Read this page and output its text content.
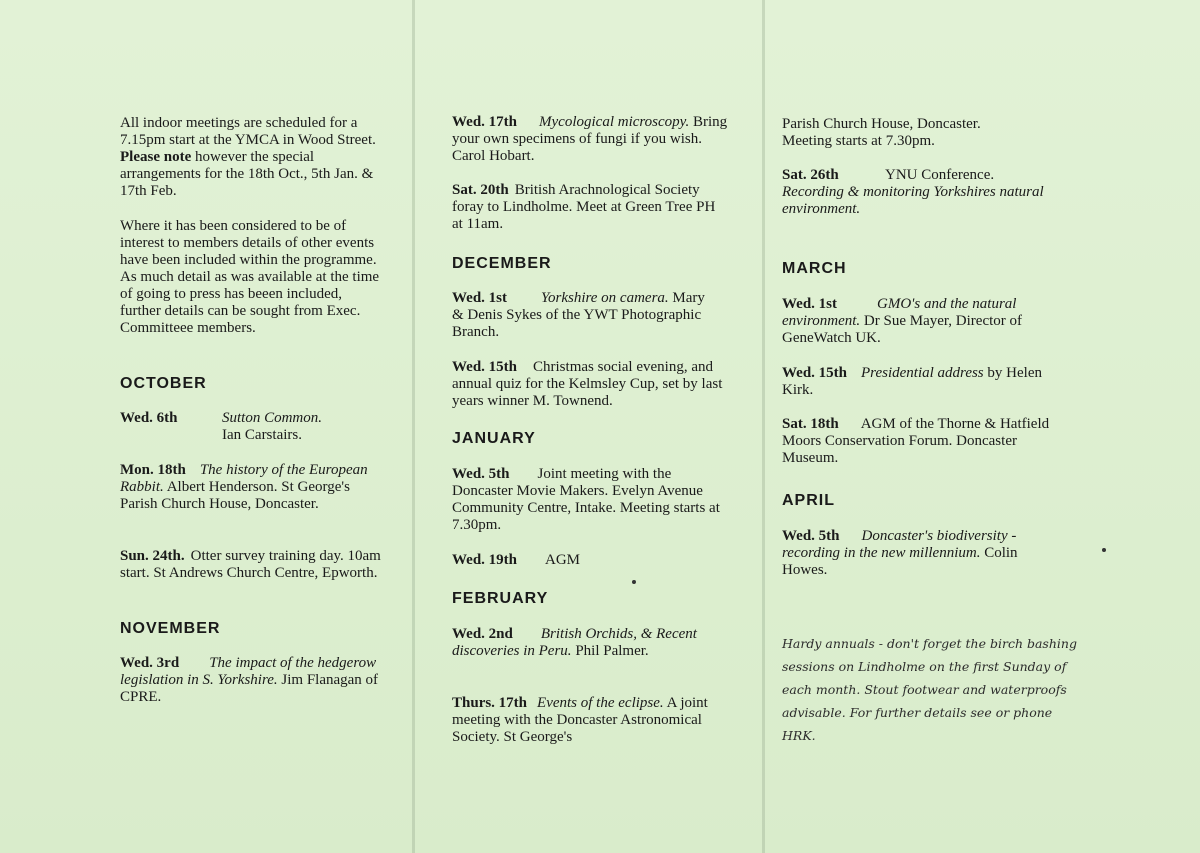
All indoor meetings are scheduled for a 7.15pm start at the YMCA in Wood Street. Please note however the special arrangements for the 18th Oct., 5th Jan. & 17th Feb.

Where it has been considered to be of interest to members details of other events have been included within the programme. As much detail as was available at the time of going to press has beeen included, further details can be sought from Exec. Committeee members.

OCTOBER

Wed. 6th	Sutton Common.
Ian Carstairs.

Mon. 18th The history of the European Rabbit. Albert Henderson. St George's Parish Church House, Doncaster.

Sun. 24th. Otter survey training day. 10am start. St Andrews Church Centre, Epworth.

NOVEMBER

Wed. 3rd The impact of the hedgerow legislation in S. Yorkshire. Jim Flanagan of CPRE.

Wed. 17th Mycological microscopy. Bring your own specimens of fungi if you wish. Carol Hobart.

Sat. 20th British Arachnological Society foray to Lindholme. Meet at Green Tree PH at 11am.

DECEMBER

Wed. 1st Yorkshire on camera. Mary & Denis Sykes of the YWT Photographic Branch.

Wed. 15th Christmas social evening, and annual quiz for the Kelmsley Cup, set by last years winner M. Townend.

JANUARY

Wed. 5th Joint meeting with the Doncaster Movie Makers. Evelyn Avenue Community Centre, Intake. Meeting starts at 7.30pm.

Wed. 19th AGM

FEBRUARY

Wed. 2nd British Orchids, & Recent discoveries in Peru. Phil Palmer.

Thurs. 17th Events of the eclipse. A joint meeting with the Doncaster Astronomical Society. St George's

Parish Church House, Doncaster. Meeting starts at 7.30pm.

Sat. 26th	YNU Conference.
Recording & monitoring Yorkshires natural environment.

MARCH

Wed. 1st	GMO's and the natural environment. Dr Sue Mayer, Director of GeneWatch UK.

Wed. 15th Presidential address by Helen Kirk.

Sat. 18th AGM of the Thorne & Hatfield Moors Conservation Forum. Doncaster Museum.

APRIL

Wed. 5th Doncaster's biodiversity - recording in the new millennium. Colin Howes.

Hardy annuals - don't forget the birch bashing sessions on Lindholme on the first Sunday of each month. Stout footwear and waterproofs advisable. For further details see or phone HRK.
